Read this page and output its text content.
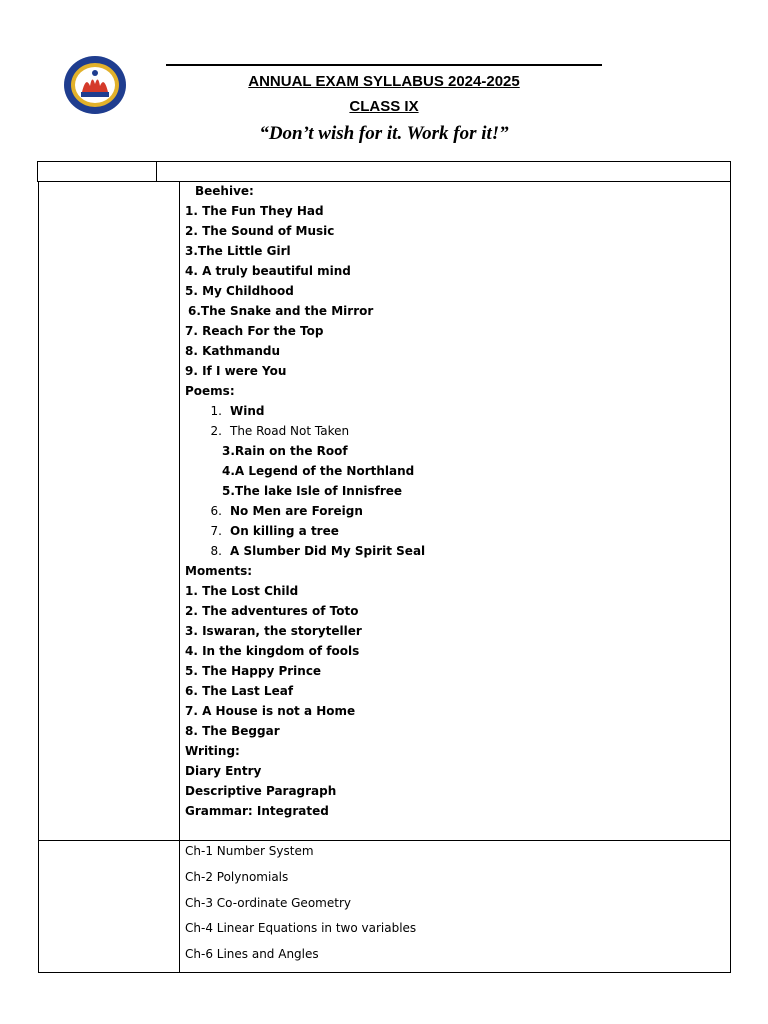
ANNUAL EXAM SYLLABUS 2024-2025
CLASS IX
“Don’t wish for it. Work for it!”
Beehive:
1. The Fun They Had
2. The Sound of Music
3.The Little Girl
4. A truly beautiful mind
5. My Childhood
6.The Snake and the Mirror
7. Reach For the Top
8. Kathmandu
9. If I were You
Poems:
1. Wind
2. The Road Not Taken
3.Rain on the Roof
4.A Legend of the Northland
5.The lake Isle of Innisfree
6. No Men are Foreign
7. On killing a tree
8. A Slumber Did My Spirit Seal
Moments:
1. The Lost Child
2. The adventures of Toto
3. Iswaran, the storyteller
4. In the kingdom of fools
5. The Happy Prince
6. The Last Leaf
7. A House is not a Home
8. The Beggar
Writing:
Diary Entry
Descriptive Paragraph
Grammar: Integrated
Ch-1 Number System
Ch-2 Polynomials
Ch-3 Co-ordinate Geometry
Ch-4 Linear Equations in two variables
Ch-6 Lines and Angles
